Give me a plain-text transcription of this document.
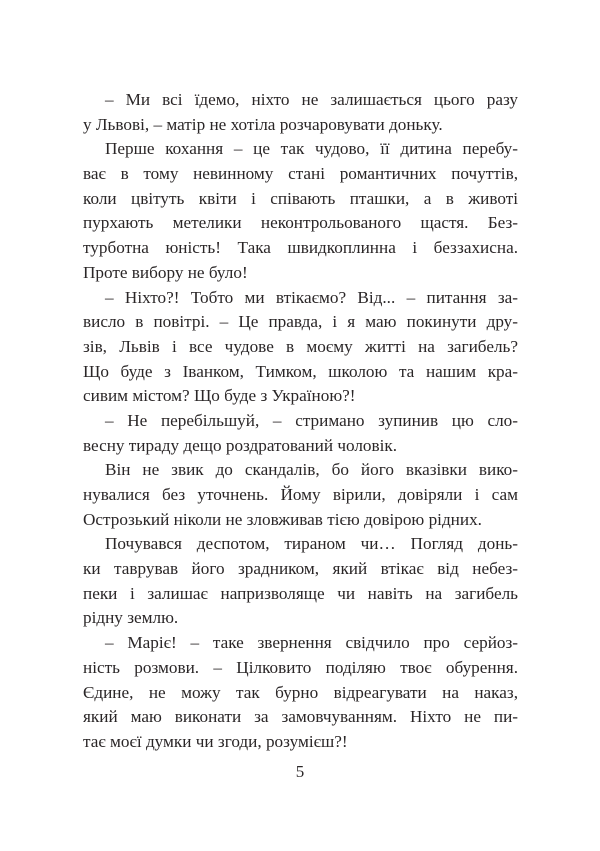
– Ми всі їдемо, ніхто не залишається цього разу
у Львові, – матір не хотіла розчаровувати доньку.
Перше кохання – це так чудово, її дитина перебу-
ває в тому невинному стані романтичних почуттів,
коли цвітуть квіти і співають пташки, а в животі
пурхають метелики неконтрольованого щастя. Без-
турботна юність! Така швидкоплинна і беззахисна.
Проте вибору не було!
– Ніхто?! Тобто ми втікаємо? Від... – питання за-
висло в повітрі. – Це правда, і я маю покинути дру-
зів, Львів і все чудове в моєму житті на загибель?
Що буде з Іванком, Тимком, школою та нашим кра-
сивим містом? Що буде з Україною?!
– Не перебільшуй, – стримано зупинив цю сло-
весну тираду дещо роздратований чоловік.
Він не звик до скандалів, бо його вказівки вико-
нувалися без уточнень. Йому вірили, довіряли і сам
Острозький ніколи не зловживав тією довірою рідних.
Почувався деспотом, тираном чи… Погляд донь-
ки таврував його зрадником, який втікає від небез-
пеки і залишає напризволяще чи навіть на загибель
рідну землю.
– Маріє! – таке звернення свідчило про серйоз-
ність розмови. – Цілковито поділяю твоє обурення.
Єдине, не можу так бурно відреагувати на наказ,
який маю виконати за замовчуванням. Ніхто не пи-
тає моєї думки чи згоди, розумієш?!
5
